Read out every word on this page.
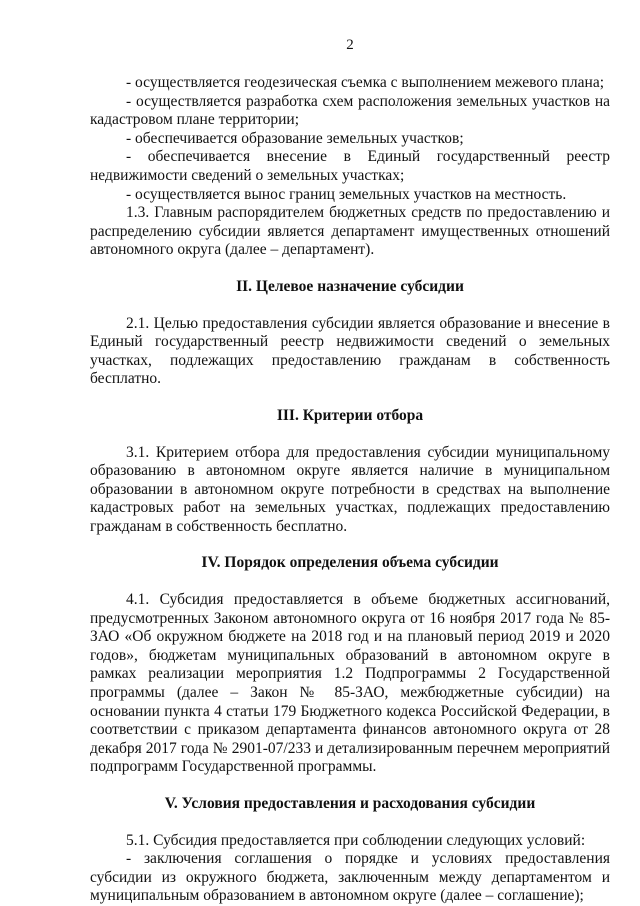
2

- осуществляется геодезическая съемка с выполнением межевого плана;

- осуществляется разработка схем расположения земельных участков на кадастровом плане территории;

- обеспечивается образование земельных участков;

- обеспечивается внесение в Единый государственный реестр недвижимости сведений о земельных участках;

- осуществляется вынос границ земельных участков на местность.

1.3. Главным распорядителем бюджетных средств по предоставлению и распределению субсидии является департамент имущественных отношений автономного округа (далее – департамент).

II. Целевое назначение субсидии

2.1. Целью предоставления субсидии является образование и внесение в Единый государственный реестр недвижимости сведений о земельных участках, подлежащих предоставлению гражданам в собственность бесплатно.

III. Критерии отбора

3.1. Критерием отбора для предоставления субсидии муниципальному образованию в автономном округе является наличие в муниципальном образовании в автономном округе потребности в средствах на выполнение кадастровых работ на земельных участках, подлежащих предоставлению гражданам в собственность бесплатно.

IV. Порядок определения объема субсидии

4.1. Субсидия предоставляется в объеме бюджетных ассигнований, предусмотренных Законом автономного округа от 16 ноября 2017 года № 85-ЗАО «Об окружном бюджете на 2018 год и на плановый период 2019 и 2020 годов», бюджетам муниципальных образований в автономном округе в рамках реализации мероприятия 1.2 Подпрограммы 2 Государственной программы (далее – Закон № 85-ЗАО, межбюджетные субсидии) на основании пункта 4 статьи 179 Бюджетного кодекса Российской Федерации, в соответствии с приказом департамента финансов автономного округа от 28 декабря 2017 года № 2901-07/233 и детализированным перечнем мероприятий подпрограмм Государственной программы.

V. Условия предоставления и расходования субсидии

5.1. Субсидия предоставляется при соблюдении следующих условий:

- заключения соглашения о порядке и условиях предоставления субсидии из окружного бюджета, заключенным между департаментом и муниципальным образованием в автономном округе (далее – соглашение);
